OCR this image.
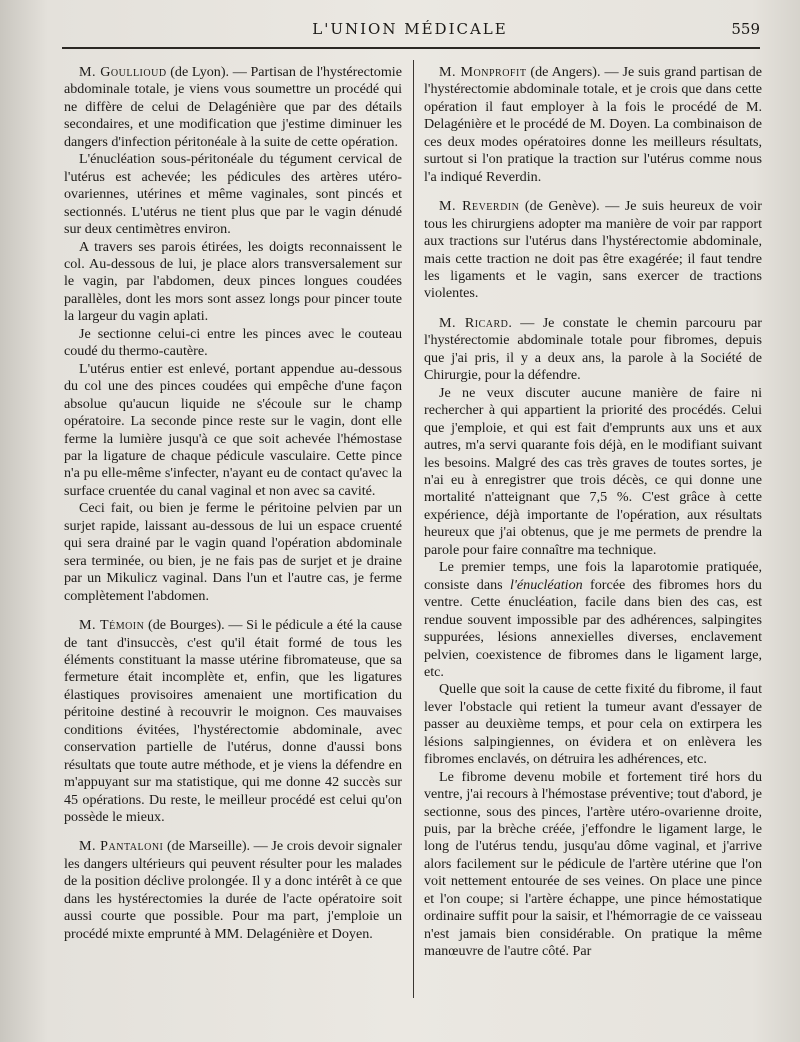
L'UNION MÉDICALE	559

M. Goullioud (de Lyon). — Partisan de l'hystérectomie abdominale totale, je viens vous soumettre un procédé qui ne diffère de celui de Delagénière que par des détails secondaires, et une modification que j'estime diminuer les dangers d'infection péritonéale à la suite de cette opération.

L'énucléation sous-péritonéale du tégument cervical de l'utérus est achevée; les pédicules des artères utéro-ovariennes, utérines et même vaginales, sont pincés et sectionnés. L'utérus ne tient plus que par le vagin dénudé sur deux centimètres environ.

A travers ses parois étirées, les doigts reconnaissent le col. Au-dessous de lui, je place alors transversalement sur le vagin, par l'abdomen, deux pinces longues coudées parallèles, dont les mors sont assez longs pour pincer toute la largeur du vagin aplati.

Je sectionne celui-ci entre les pinces avec le couteau coudé du thermo-cautère.

L'utérus entier est enlevé, portant appendue au-dessous du col une des pinces coudées qui empêche d'une façon absolue qu'aucun liquide ne s'écoule sur le champ opératoire. La seconde pince reste sur le vagin, dont elle ferme la lumière jusqu'à ce que soit achevée l'hémostase par la ligature de chaque pédicule vasculaire. Cette pince n'a pu elle-même s'infecter, n'ayant eu de contact qu'avec la surface cruentée du canal vaginal et non avec sa cavité.

Ceci fait, ou bien je ferme le péritoine pelvien par un surjet rapide, laissant au-dessous de lui un espace cruenté qui sera drainé par le vagin quand l'opération abdominale sera terminée, ou bien, je ne fais pas de surjet et je draine par un Mikulicz vaginal. Dans l'un et l'autre cas, je ferme complètement l'abdomen.

M. Témoin (de Bourges). — Si le pédicule a été la cause de tant d'insuccès, c'est qu'il était formé de tous les éléments constituant la masse utérine fibromateuse, que sa fermeture était incomplète et, enfin, que les ligatures élastiques provisoires amenaient une mortification du péritoine destiné à recouvrir le moignon. Ces mauvaises conditions évitées, l'hystérectomie abdominale, avec conservation partielle de l'utérus, donne d'aussi bons résultats que toute autre méthode, et je viens la défendre en m'appuyant sur ma statistique, qui me donne 42 succès sur 45 opérations. Du reste, le meilleur procédé est celui qu'on possède le mieux.

M. Pantaloni (de Marseille). — Je crois devoir signaler les dangers ultérieurs qui peuvent résulter pour les malades de la position déclive prolongée. Il y a donc intérêt à ce que dans les hystérectomies la durée de l'acte opératoire soit aussi courte que possible. Pour ma part, j'emploie un procédé mixte emprunté à MM. Delagénière et Doyen.

M. Monprofit (de Angers). — Je suis grand partisan de l'hystérectomie abdominale totale, et je crois que dans cette opération il faut employer à la fois le procédé de M. Delagénière et le procédé de M. Doyen. La combinaison de ces deux modes opératoires donne les meilleurs résultats, surtout si l'on pratique la traction sur l'utérus comme nous l'a indiqué Reverdin.

M. Reverdin (de Genève). — Je suis heureux de voir tous les chirurgiens adopter ma manière de voir par rapport aux tractions sur l'utérus dans l'hystérectomie abdominale, mais cette traction ne doit pas être exagérée; il faut tendre les ligaments et le vagin, sans exercer de tractions violentes.

M. Ricard. — Je constate le chemin parcouru par l'hystérectomie abdominale totale pour fibromes, depuis que j'ai pris, il y a deux ans, la parole à la Société de Chirurgie, pour la défendre.

Je ne veux discuter aucune manière de faire ni rechercher à qui appartient la priorité des procédés. Celui que j'emploie, et qui est fait d'emprunts aux uns et aux autres, m'a servi quarante fois déjà, en le modifiant suivant les besoins. Malgré des cas très graves de toutes sortes, je n'ai eu à enregistrer que trois décès, ce qui donne une mortalité n'atteignant que 7,5 %. C'est grâce à cette expérience, déjà importante de l'opération, aux résultats heureux que j'ai obtenus, que je me permets de prendre la parole pour faire connaître ma technique.

Le premier temps, une fois la laparotomie pratiquée, consiste dans l'énucléation forcée des fibromes hors du ventre. Cette énucléation, facile dans bien des cas, est rendue souvent impossible par des adhérences, salpingites suppurées, lésions annexielles diverses, enclavement pelvien, coexistence de fibromes dans le ligament large, etc.

Quelle que soit la cause de cette fixité du fibrome, il faut lever l'obstacle qui retient la tumeur avant d'essayer de passer au deuxième temps, et pour cela on extirpera les lésions salpingiennes, on évidera et on enlèvera les fibromes enclavés, on détruira les adhérences, etc.

Le fibrome devenu mobile et fortement tiré hors du ventre, j'ai recours à l'hémostase préventive; tout d'abord, je sectionne, sous des pinces, l'artère utéro-ovarienne droite, puis, par la brèche créée, j'effondre le ligament large, le long de l'utérus tendu, jusqu'au dôme vaginal, et j'arrive alors facilement sur le pédicule de l'artère utérine que l'on voit nettement entourée de ses veines. On place une pince et l'on coupe; si l'artère échappe, une pince hémostatique ordinaire suffit pour la saisir, et l'hémorragie de ce vaisseau n'est jamais bien considérable. On pratique la même manœuvre de l'autre côté. Par
